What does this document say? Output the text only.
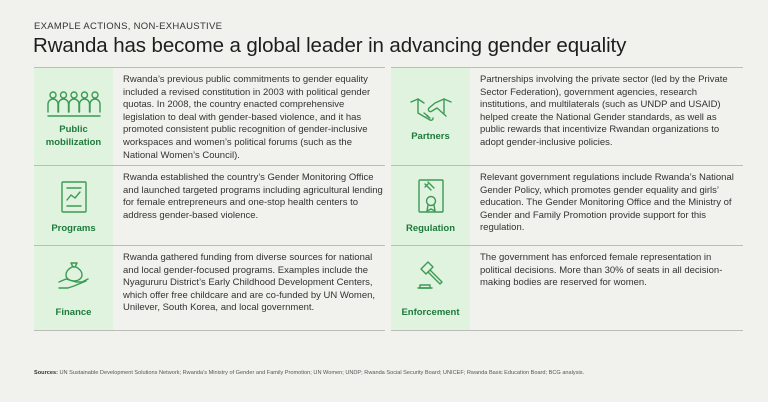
EXAMPLE ACTIONS, NON-EXHAUSTIVE
Rwanda has become a global leader in advancing gender equality
Public
mobilization
Rwanda’s previous public commitments to gender equality included a revised constitution in 2003 with political gender quotas. In 2008, the country enacted comprehensive legislation to deal with gender-based violence, and it has promoted consistent public recognition of gender-inclusive workspaces and women’s political forums (such as the National Women’s Council).
Programs
Rwanda established the country’s Gender Monitoring Office and launched targeted programs including agricultural lending for female entrepreneurs and one-stop health centers to address gender-based violence.
Finance
Rwanda gathered funding from diverse sources for national and local gender-focused programs. Examples include the Nyagururu District’s Early Childhood Development Centers, which offer free childcare and are co-funded by UN Women, Unilever, South Korea, and local government.
Partners
Partnerships involving the private sector (led by the Private Sector Federation), government agencies, research institutions, and multilaterals (such as UNDP and USAID) helped create the National Gender standards, as well as public rewards that incentivize Rwandan organizations to adopt gender-inclusive policies.
Regulation
Relevant government regulations include Rwanda’s National Gender Policy, which promotes gender equality and girls’ education. The Gender Monitoring Office and the Ministry of Gender and Family Promotion provide support for this regulation.
Enforcement
The government has enforced female representation in political decisions. More than 30% of seats in all decision-making bodies are reserved for women.
Sources: UN Sustainable Development Solutions Network; Rwanda’s Ministry of Gender and Family Promotion; UN Women; UNDP; Rwanda Social Security Board; UNICEF; Rwanda Basic Education Board; BCG analysis.
